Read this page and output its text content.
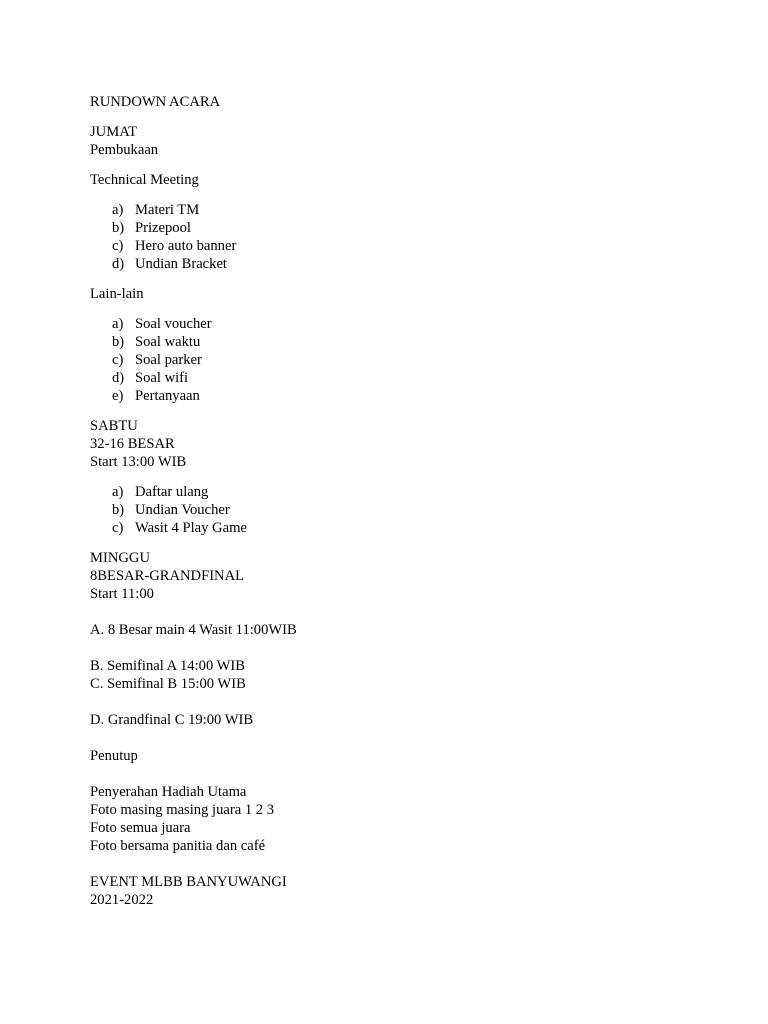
RUNDOWN ACARA
JUMAT
Pembukaan
Technical Meeting
a) Materi TM
b) Prizepool
c) Hero auto banner
d) Undian Bracket
Lain-lain
a) Soal voucher
b) Soal waktu
c) Soal parker
d) Soal wifi
e) Pertanyaan
SABTU
32-16 BESAR
Start 13:00 WIB
a) Daftar ulang
b) Undian Voucher
c) Wasit 4 Play Game
MINGGU
8BESAR-GRANDFINAL
Start 11:00
A. 8 Besar main 4 Wasit 11:00WIB
B. Semifinal A 14:00 WIB
C. Semifinal B 15:00 WIB
D. Grandfinal C 19:00 WIB
Penutup
Penyerahan Hadiah Utama
Foto masing masing juara 1 2 3
Foto semua juara
Foto bersama panitia dan café
EVENT MLBB BANYUWANGI
2021-2022
